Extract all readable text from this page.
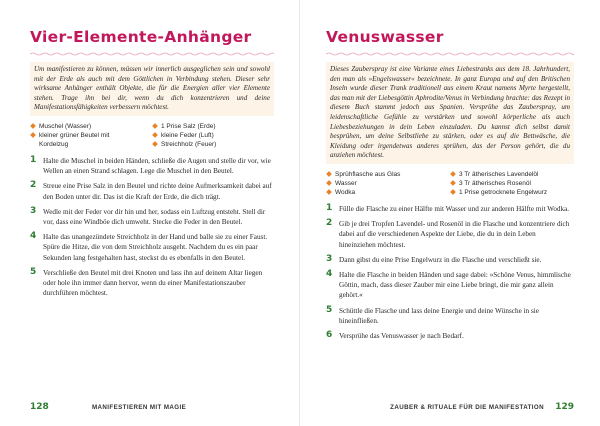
Vier-Elemente-Anhänger

Um manifestieren zu können, müssen wir innerlich ausgeglichen sein und sowohl mit der Erde als auch mit dem Göttlichen in Verbindung stehen. Dieser sehr wirksame Anhänger enthält Objekte, die für die Energien aller vier Elemente stehen. Trage ihn bei dir, wenn du dich konzentrieren und deine Manifestationsfähigkeiten verbessern möchtest.

Muschel (Wasser)
kleiner grüner Beutel mit
Kordelzug
1 Prise Salz (Erde)
kleine Feder (Luft)
Streichholz (Feuer)
1 Halte die Muschel in beiden Händen, schließe die Augen und stelle dir vor, wie Wellen an einen Strand schlagen. Lege die Muschel in den Beutel.
2 Streue eine Prise Salz in den Beutel und richte deine Aufmerksamkeit dabei auf den Boden unter dir. Das ist die Kraft der Erde, die dich trägt.
3 Wedle mit der Feder vor dir hin und her, sodass ein Luftzug entsteht. Stell dir vor, dass eine Windböe dich umweht. Stecke die Feder in den Beutel.
4 Halte das unangezündete Streichholz in der Hand und balle sie zu einer Faust. Spüre die Hitze, die von dem Streichholz ausgeht. Nachdem du es ein paar Sekunden lang festgehalten hast, steckst du es ebenfalls in den Beutel.
5 Verschließe den Beutel mit drei Knoten und lass ihn auf deinem Altar liegen oder hole ihn immer dann hervor, wenn du einer Manifestationszauber durchführen möchtest.
128	MANIFESTIEREN MIT MAGIE
Venuswasser

Dieses Zauberspray ist eine Variante eines Liebestranks aus dem 18. Jahrhundert, den man als »Engelswasser« bezeichnete. In ganz Europa und auf den Britischen Inseln wurde dieser Trank traditionell aus einem Kraut namens Myrte hergestellt, das man mit der Liebesgöttin Aphrodite/Venus in Verbindung brachte: das Rezept in diesem Buch stammt jedoch aus Spanien. Versprühe das Zauberspray, um leidenschaftliche Gefühle zu verstärken und sowohl körperliche als auch Liebesbeziehungen in dein Leben einzuladen. Du kannst dich selbst damit besprühen, um deine Selbstliebe zu stärken, oder es auf die Bettwäsche, die Kleidung oder irgendetwas anderes sprühen, das der Person gehört, die du anziehen möchtest.

Sprühflasche aus Glas
Wasser
Wodka
3 Tr ätherisches Lavendelöl
3 Tr ätherisches Rosenöl
1 Prise getrocknete Engelwurz
1 Fülle die Flasche zu einer Hälfte mit Wasser und zur anderen Hälfte mit Wodka.
2 Gib je drei Tropfen Lavendel- und Rosenöl in die Flasche und konzentriere dich dabei auf die verschiedenen Aspekte der Liebe, die du in dein Leben hineinziehen möchtest.
3 Dann gibst du eine Prise Engelwurz in die Flasche und verschließt sie.
4 Halte die Flasche in beiden Händen und sage dabei: »Schöne Venus, himmlische Göttin, mach, dass dieser Zauber mir eine Liebe bringt, die mir ganz allein gehört.«
5 Schüttle die Flasche und lass deine Energie und deine Wünsche in sie hineinfließen.
6 Versprühe das Venuswasser je nach Bedarf.
ZAUBER & RITUALE FÜR DIE MANIFESTATION 129
